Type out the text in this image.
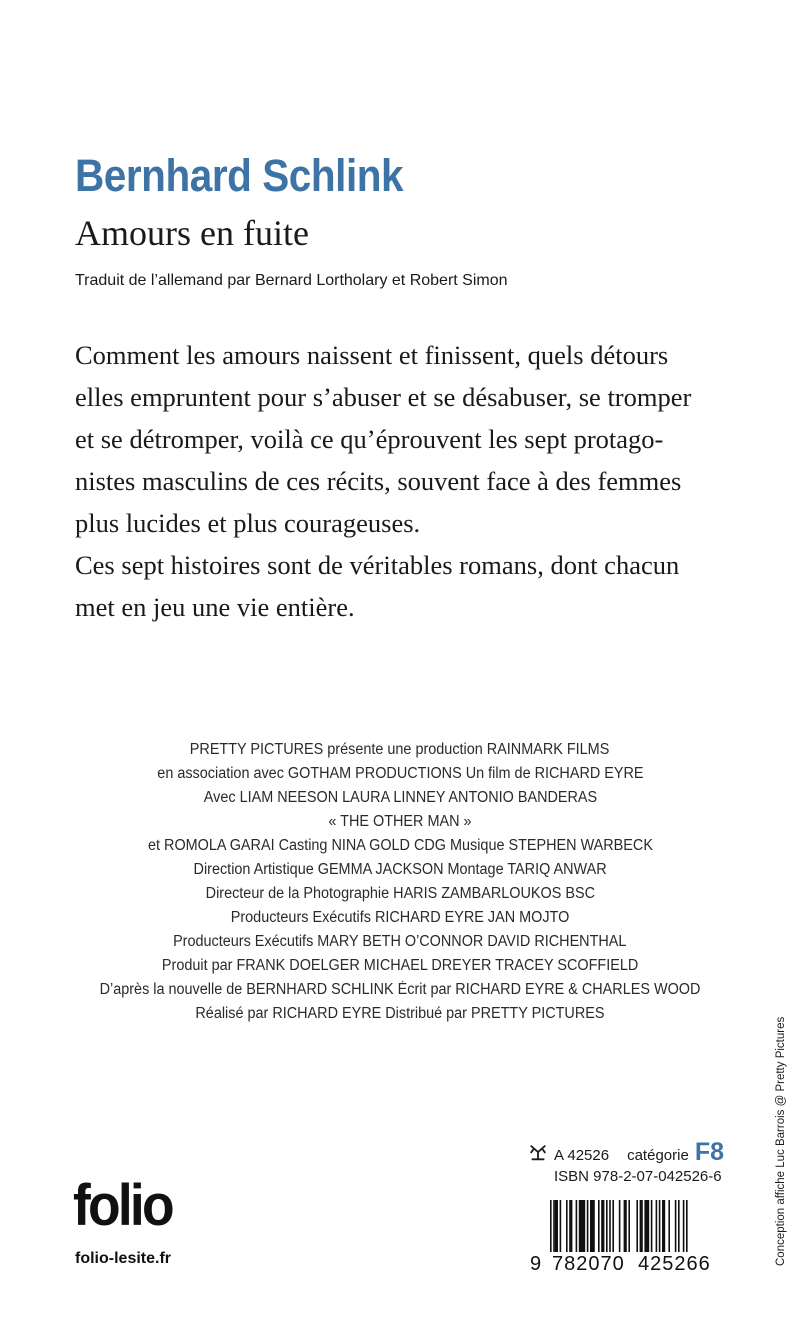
Bernhard Schlink
Amours en fuite
Traduit de l’allemand par Bernard Lortholary et Robert Simon
Comment les amours naissent et finissent, quels détours
elles empruntent pour s’abuser et se désabuser, se tromper
et se détromper, voilà ce qu’éprouvent les sept protago-
nistes masculins de ces récits, souvent face à des femmes
plus lucides et plus courageuses.
Ces sept histoires sont de véritables romans, dont chacun
met en jeu une vie entière.
PRETTY PICTURES présente une production RAINMARK FILMS
en association avec GOTHAM PRODUCTIONS Un film de RICHARD EYRE
Avec LIAM NEESON LAURA LINNEY ANTONIO BANDERAS
« THE OTHER MAN »
et ROMOLA GARAI Casting NINA GOLD CDG Musique STEPHEN WARBECK
Direction Artistique GEMMA JACKSON Montage TARIQ ANWAR
Directeur de la Photographie HARIS ZAMBARLOUKOS BSC
Producteurs Exécutifs RICHARD EYRE JAN MOJTO
Producteurs Exécutifs MARY BETH O’CONNOR DAVID RICHENTHAL
Produit par FRANK DOELGER MICHAEL DREYER TRACEY SCOFFIELD
D’après la nouvelle de BERNHARD SCHLINK Écrit par RICHARD EYRE & CHARLES WOOD
Réalisé par RICHARD EYRE Distribué par PRETTY PICTURES
Conception affiche Luc Barrois @ Pretty Pictures
folio
folio-lesite.fr
A 42526 catégorie F8
ISBN 978-2-07-042526-6
9 782070 425266
